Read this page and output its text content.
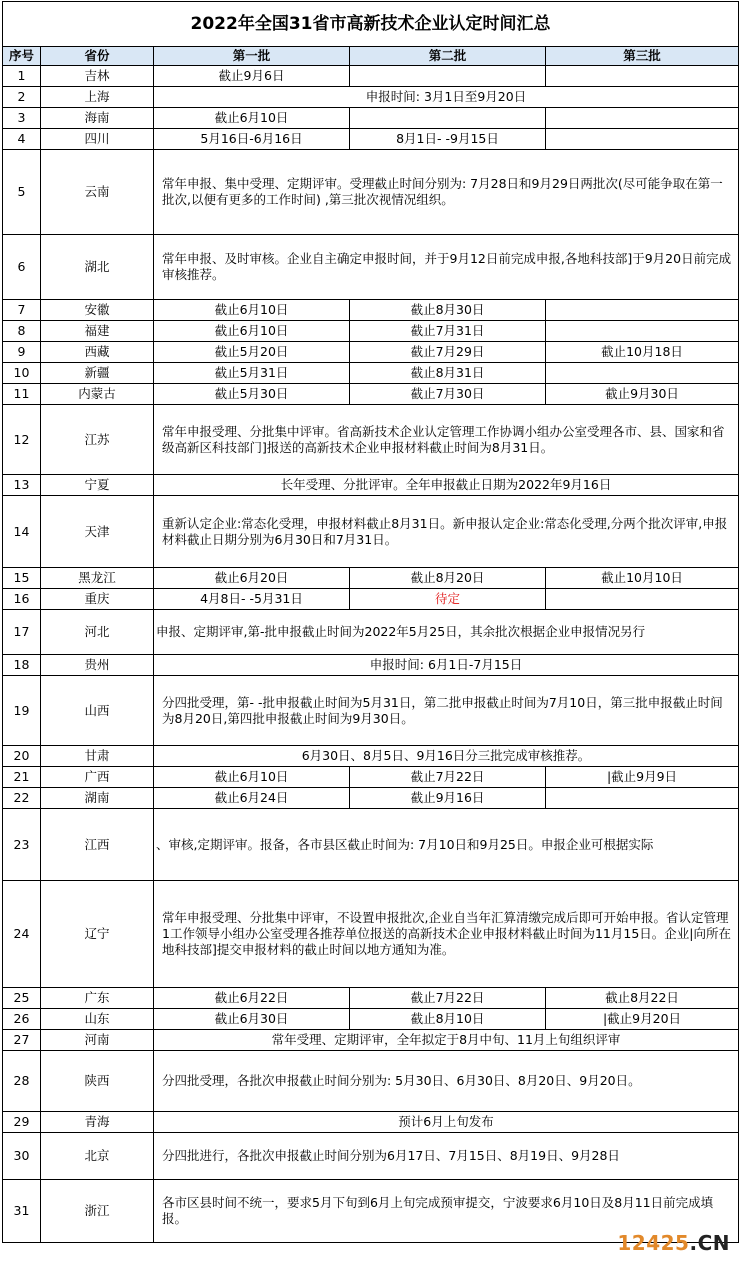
2022年全国31省市高新技术企业认定时间汇总				
序号	省份	第一批	第二批	第三批
1	吉林	截止9月6日		
2	上海	申报时间: 3月1日至9月20日		
3	海南	截止6月10日		
4	四川	5月16日-6月16日	8月1日- -9月15日	
5	云南	常年申报、集中受理、定期评审。受理截止时间分别为: 7月28日和9月29日两批次(尽可能争取在第一批次,以便有更多的工作时间) ,第三批次视情况组织。		
6	湖北	常年申报、及时审核。企业自主确定申报时间，并于9月12日前完成申报,各地科技部]于9月20日前完成审核推荐。		
7	安徽	截止6月10日	截止8月30日	
8	福建	截止6月10日	截止7月31日	
9	西藏	截止5月20日	截止7月29日	截止10月18日
10	新疆	截止5月31日	截止8月31日	
11	内蒙古	截止5月30日	截止7月30日	截止9月30日
12	江苏	常年申报受理、分批集中评审。省高新技术企业认定管理工作协调小组办公室受理各市、县、国家和省级高新区科技部门]报送的高新技术企业申报材料截止时间为8月31日。		
13	宁夏	长年受理、分批评审。全年申报截止日期为2022年9月16日		
14	天津	重新认定企业:常态化受理，申报材料截止8月31日。新申报认定企业:常态化受理,分两个批次评审,申报材料截止日期分别为6月30日和7月31日。		
15	黑龙江	截止6月20日	截止8月20日	截止10月10日
16	重庆	4月8日- -5月31日	待定	
17	河北	申报、定期评审,第-批申报截止时间为2022年5月25日，其余批次根据企业申报情况另行		
18	贵州	申报时间: 6月1日-7月15日		
19	山西	分四批受理，第- -批申报截止时间为5月31日，第二批申报截止时间为7月10日，第三批申报截止时间为8月20日,第四批申报截止时间为9月30日。		
20	甘肃	6月30日、8月5日、9月16日分三批完成审核推荐。		
21	广西	截止6月10日	截止7月22日	|截止9月9日
22	湖南	截止6月24日	截止9月16日	
23	江西	、审核,定期评审。报备，各市县区截止时间为: 7月10日和9月25日。申报企业可根据实际		
24	辽宁	常年申报受理、分批集中评审，不设置申报批次,企业自当年汇算清缴完成后即可开始申报。省认定管理1工作领导小组办公室受理各推荐单位报送的高新技术企业申报材料截止时间为11月15日。企业|向所在地科技部]提交申报材料的截止时间以地方通知为准。		
25	广东	截止6月22日	截止7月22日	截止8月22日
26	山东	截止6月30日	截止8月10日	|截止9月20日
27	河南	常年受理、定期评审，全年拟定于8月中旬、11月上旬组织评审		
28	陕西	分四批受理，各批次申报截止时间分别为: 5月30日、6月30日、8月20日、9月20日。		
29	青海	预计6月上旬发布		
30	北京	分四批进行，各批次申报截止时间分别为6月17日、7月15日、8月19日、9月28日		
31	浙江	各市区县时间不统一，要求5月下旬到6月上旬完成预审提交，宁波要求6月10日及8月11日前完成填报。		
12425.CN
